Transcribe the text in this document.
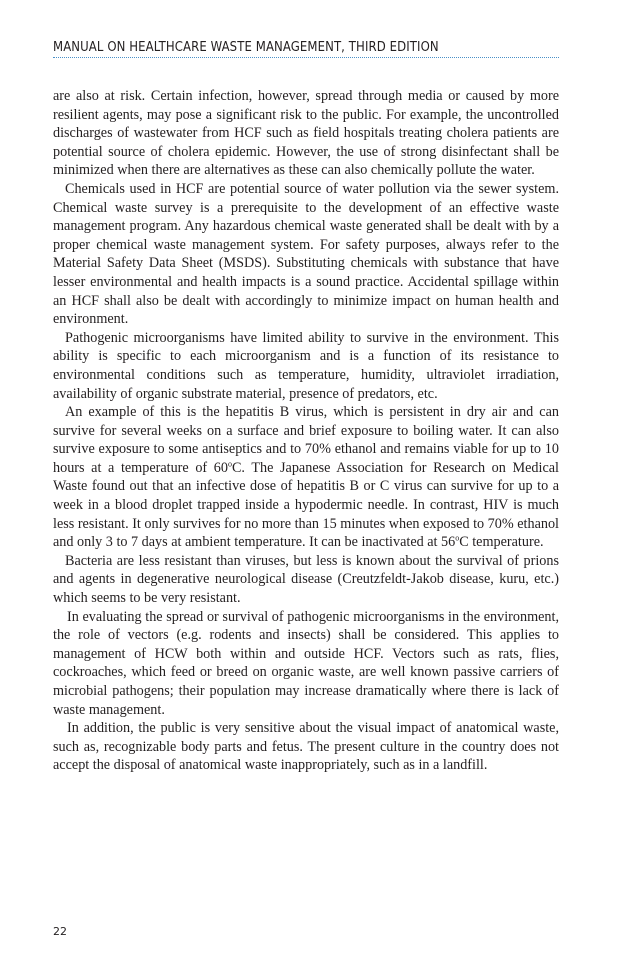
MANUAL ON HEALTHCARE WASTE MANAGEMENT, THIRD EDITION

are also at risk. Certain infection, however, spread through media or caused by more resilient agents, may pose a significant risk to the public. For example, the uncontrolled discharges of wastewater from HCF such as field hospitals treating cholera patients are potential source of cholera epidemic. However, the use of strong disinfectant shall be minimized when there are alternatives as these can also chemically pollute the water.

Chemicals used in HCF are potential source of water pollution via the sewer system. Chemical waste survey is a prerequisite to the development of an effective waste management program. Any hazardous chemical waste generated shall be dealt with by a proper chemical waste management system. For safety purposes, always refer to the Material Safety Data Sheet (MSDS). Substituting chemicals with substance that have lesser environmental and health impacts is a sound practice. Accidental spillage within an HCF shall also be dealt with accordingly to minimize impact on human health and environment.

Pathogenic microorganisms have limited ability to survive in the environment. This ability is specific to each microorganism and is a function of its resistance to environmental conditions such as temperature, humidity, ultraviolet irradiation, availability of organic substrate material, presence of predators, etc.

An example of this is the hepatitis B virus, which is persistent in dry air and can survive for several weeks on a surface and brief exposure to boiling water. It can also survive exposure to some antiseptics and to 70% ethanol and remains viable for up to 10 hours at a temperature of 60$^o$C. The Japanese Association for Research on Medical Waste found out that an infective dose of hepatitis B or C virus can survive for up to a week in a blood droplet trapped inside a hypodermic needle. In contrast, HIV is much less resistant. It only survives for no more than 15 minutes when exposed to 70% ethanol and only 3 to 7 days at ambient temperature. It can be inactivated at 56$^o$C temperature.

Bacteria are less resistant than viruses, but less is known about the survival of prions and agents in degenerative neurological disease (Creutzfeldt-Jakob disease, kuru, etc.) which seems to be very resistant.

In evaluating the spread or survival of pathogenic microorganisms in the environment, the role of vectors (e.g. rodents and insects) shall be considered. This applies to management of HCW both within and outside HCF. Vectors such as rats, flies, cockroaches, which feed or breed on organic waste, are well known passive carriers of microbial pathogens; their population may increase dramatically where there is lack of waste management.

In addition, the public is very sensitive about the visual impact of anatomical waste, such as, recognizable body parts and fetus. The present culture in the country does not accept the disposal of anatomical waste inappropriately, such as in a landfill.

22
